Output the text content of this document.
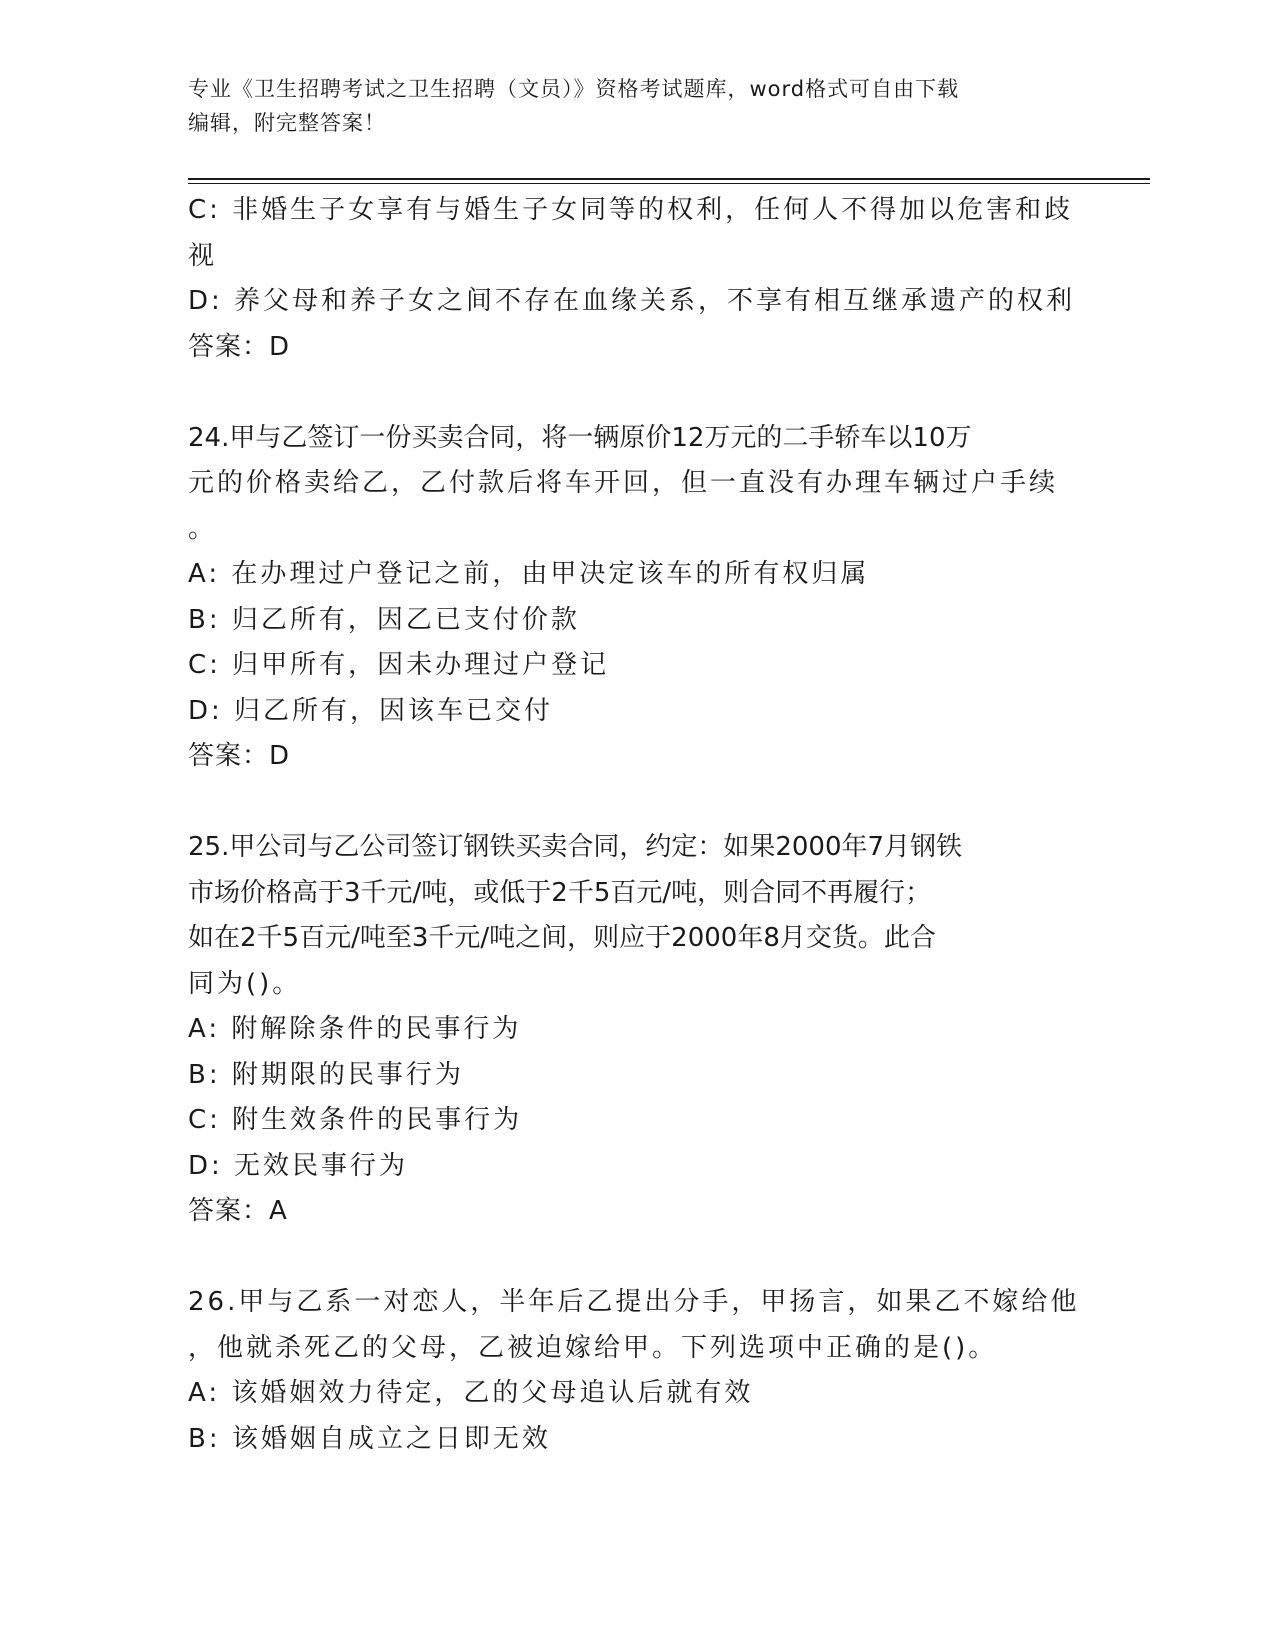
专业《卫生招聘考试之卫生招聘（文员）》资格考试题库，word格式可自由下载
编辑，附完整答案！
C: 非婚生子女享有与婚生子女同等的权利，任何人不得加以危害和歧
视
D: 养父母和养子女之间不存在血缘关系，不享有相互继承遗产的权利
答案：D
24.甲与乙签订一份买卖合同，将一辆原价12万元的二手轿车以10万
元的价格卖给乙，乙付款后将车开回，但一直没有办理车辆过户手续
。
A: 在办理过户登记之前，由甲决定该车的所有权归属
B: 归乙所有，因乙已支付价款
C: 归甲所有，因未办理过户登记
D: 归乙所有，因该车已交付
答案：D
25.甲公司与乙公司签订钢铁买卖合同，约定：如果2000年7月钢铁
市场价格高于3千元/吨，或低于2千5百元/吨，则合同不再履行；
如在2千5百元/吨至3千元/吨之间，则应于2000年8月交货。此合
同为()。
A: 附解除条件的民事行为
B: 附期限的民事行为
C: 附生效条件的民事行为
D: 无效民事行为
答案：A
26.甲与乙系一对恋人，半年后乙提出分手，甲扬言，如果乙不嫁给他
，他就杀死乙的父母，乙被迫嫁给甲。下列选项中正确的是()。
A: 该婚姻效力待定，乙的父母追认后就有效
B: 该婚姻自成立之日即无效
